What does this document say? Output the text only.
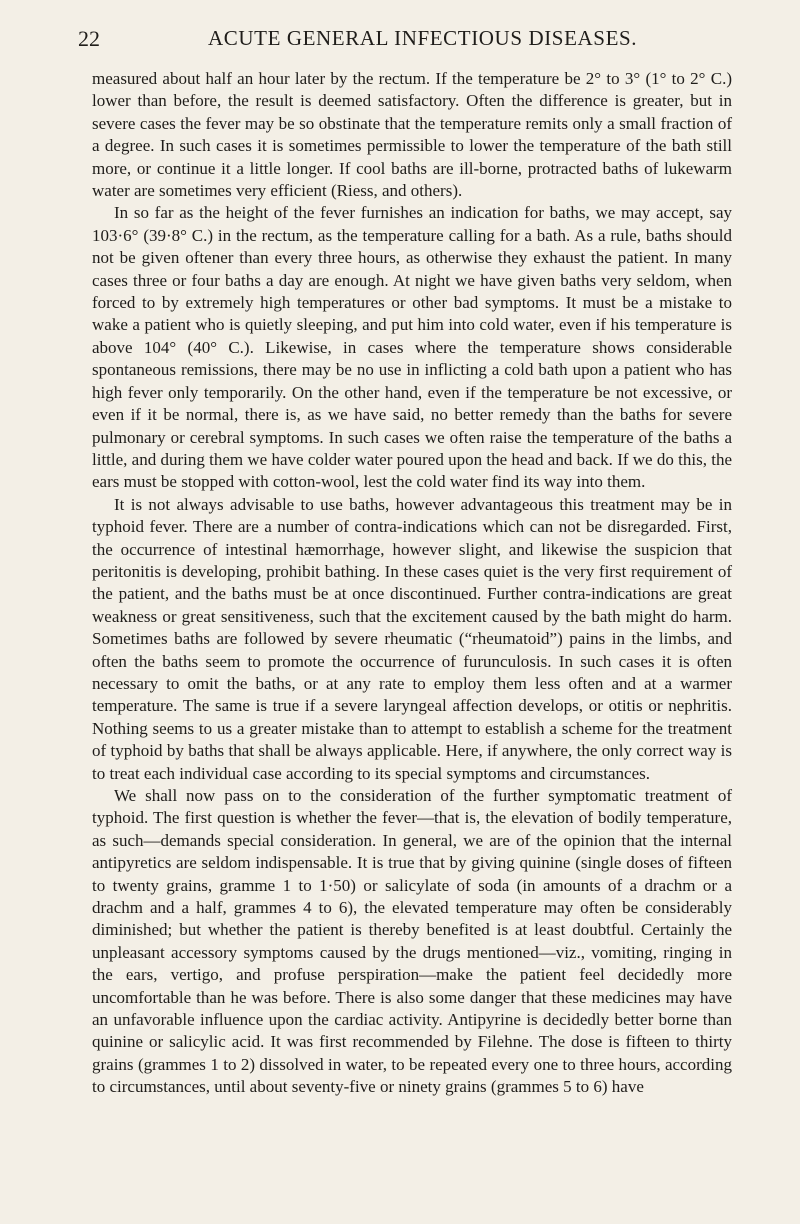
22	ACUTE GENERAL INFECTIOUS DISEASES.

measured about half an hour later by the rectum. If the temperature be 2° to 3° (1° to 2° C.) lower than before, the result is deemed satisfactory. Often the difference is greater, but in severe cases the fever may be so obstinate that the temperature remits only a small fraction of a degree. In such cases it is sometimes permissible to lower the temperature of the bath still more, or continue it a little longer. If cool baths are ill-borne, protracted baths of lukewarm water are sometimes very efficient (Riess, and others).

In so far as the height of the fever furnishes an indication for baths, we may accept, say 103·6° (39·8° C.) in the rectum, as the temperature calling for a bath. As a rule, baths should not be given oftener than every three hours, as otherwise they exhaust the patient. In many cases three or four baths a day are enough. At night we have given baths very seldom, when forced to by extremely high temperatures or other bad symptoms. It must be a mistake to wake a patient who is quietly sleeping, and put him into cold water, even if his temperature is above 104° (40° C.). Likewise, in cases where the temperature shows considerable spontaneous remissions, there may be no use in inflicting a cold bath upon a patient who has high fever only temporarily. On the other hand, even if the temperature be not excessive, or even if it be normal, there is, as we have said, no better remedy than the baths for severe pulmonary or cerebral symptoms. In such cases we often raise the temperature of the baths a little, and during them we have colder water poured upon the head and back. If we do this, the ears must be stopped with cotton-wool, lest the cold water find its way into them.

It is not always advisable to use baths, however advantageous this treatment may be in typhoid fever. There are a number of contra-indications which can not be disregarded. First, the occurrence of intestinal hæmorrhage, however slight, and likewise the suspicion that peritonitis is developing, prohibit bathing. In these cases quiet is the very first requirement of the patient, and the baths must be at once discontinued. Further contra-indications are great weakness or great sensitiveness, such that the excitement caused by the bath might do harm. Sometimes baths are followed by severe rheumatic (“rheumatoid”) pains in the limbs, and often the baths seem to promote the occurrence of furunculosis. In such cases it is often necessary to omit the baths, or at any rate to employ them less often and at a warmer temperature. The same is true if a severe laryngeal affection develops, or otitis or nephritis. Nothing seems to us a greater mistake than to attempt to establish a scheme for the treatment of typhoid by baths that shall be always applicable. Here, if anywhere, the only correct way is to treat each individual case according to its special symptoms and circumstances.

We shall now pass on to the consideration of the further symptomatic treatment of typhoid. The first question is whether the fever—that is, the elevation of bodily temperature, as such—demands special consideration. In general, we are of the opinion that the internal antipyretics are seldom indispensable. It is true that by giving quinine (single doses of fifteen to twenty grains, gramme 1 to 1·50) or salicylate of soda (in amounts of a drachm or a drachm and a half, grammes 4 to 6), the elevated temperature may often be considerably diminished; but whether the patient is thereby benefited is at least doubtful. Certainly the unpleasant accessory symptoms caused by the drugs mentioned—viz., vomiting, ringing in the ears, vertigo, and profuse perspiration—make the patient feel decidedly more uncomfortable than he was before. There is also some danger that these medicines may have an unfavorable influence upon the cardiac activity. Antipyrine is decidedly better borne than quinine or salicylic acid. It was first recommended by Filehne. The dose is fifteen to thirty grains (grammes 1 to 2) dissolved in water, to be repeated every one to three hours, according to circumstances, until about seventy-five or ninety grains (grammes 5 to 6) have
